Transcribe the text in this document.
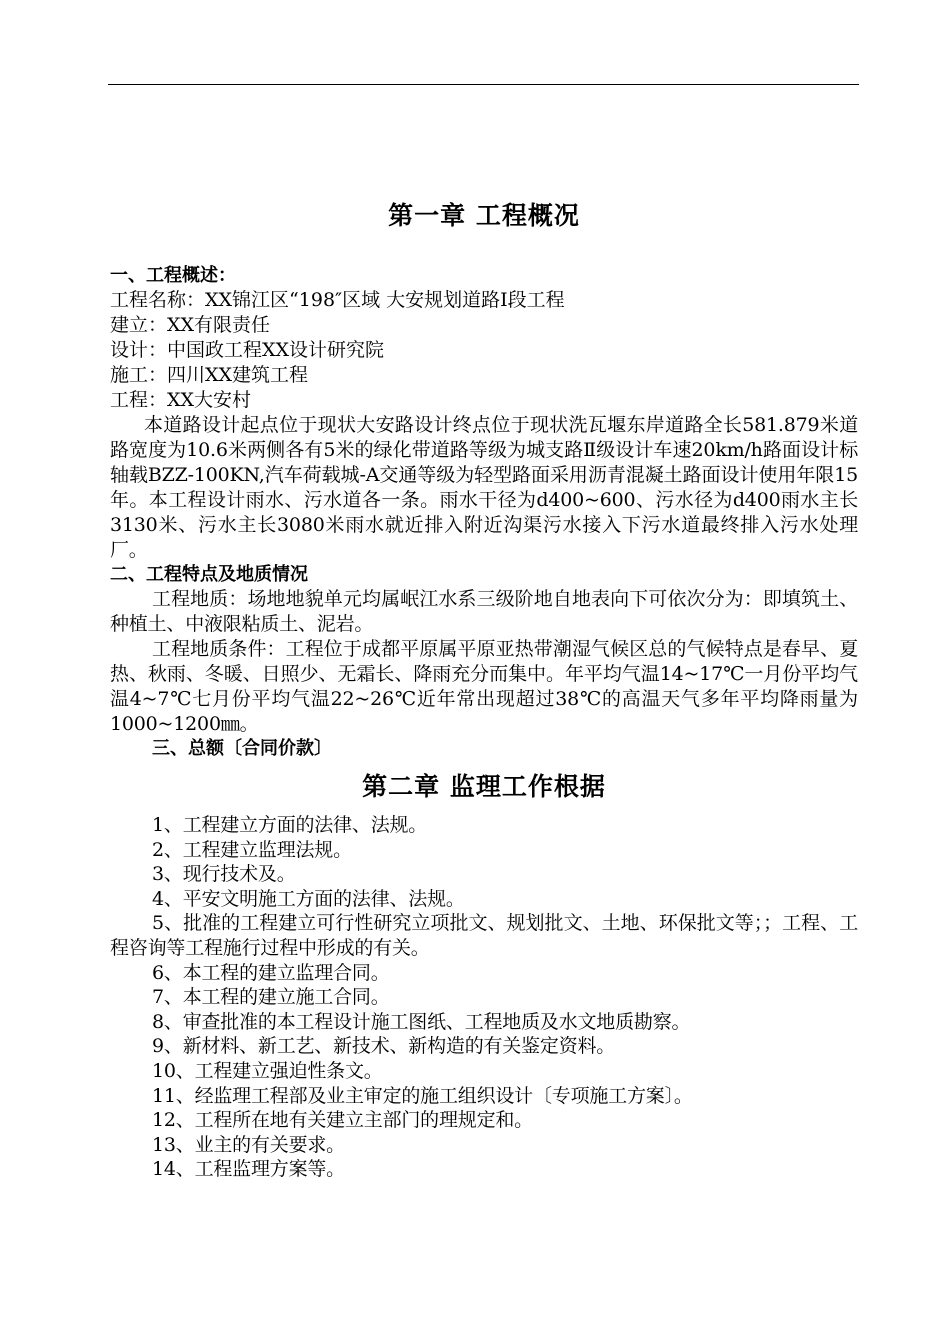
第一章 工程概况

一、工程概述：

工程名称：XX锦江区“198″区域 大安规划道路Ⅰ段工程

建立：XX有限责任

设计：中国政工程XX设计研究院

施工：四川XX建筑工程

工程：XX大安村

本道路设计起点位于现状大安路设计终点位于现状洗瓦堰东岸道路全长581.879米道路宽度为10.6米两侧各有5米的绿化带道路等级为城支路Ⅱ级设计车速20km/h路面设计标轴载BZZ-100KN,汽车荷载城-A交通等级为轻型路面采用沥青混凝土路面设计使用年限15年。本工程设计雨水、污水道各一条。雨水干径为d400~600、污水径为d400雨水主长3130米、污水主长3080米雨水就近排入附近沟渠污水接入下污水道最终排入污水处理厂。

二、工程特点及地质情况

工程地质：场地地貌单元均属岷江水系三级阶地自地表向下可依次分为：即填筑土、种植土、中液限粘质土、泥岩。

工程地质条件：工程位于成都平原属平原亚热带潮湿气候区总的气候特点是春早、夏热、秋雨、冬暖、日照少、无霜长、降雨充分而集中。年平均气温14~17℃一月份平均气温4~7℃七月份平均气温22~26℃近年常出现超过38℃的高温天气多年平均降雨量为1000~1200㎜。

三、总额〔合同价款〕

第二章 监理工作根据
1、工程建立方面的法律、法规。
2、工程建立监理法规。
3、现行技术及。
4、平安文明施工方面的法律、法规。
5、批准的工程建立可行性研究立项批文、规划批文、土地、环保批文等；；工程、工程咨询等工程施行过程中形成的有关。
6、本工程的建立监理合同。
7、本工程的建立施工合同。
8、审查批准的本工程设计施工图纸、工程地质及水文地质勘察。
9、新材料、新工艺、新技术、新构造的有关鉴定资料。
10、工程建立强迫性条文。
11、经监理工程部及业主审定的施工组织设计〔专项施工方案〕。
12、工程所在地有关建立主部门的理规定和。
13、业主的有关要求。
14、工程监理方案等。
